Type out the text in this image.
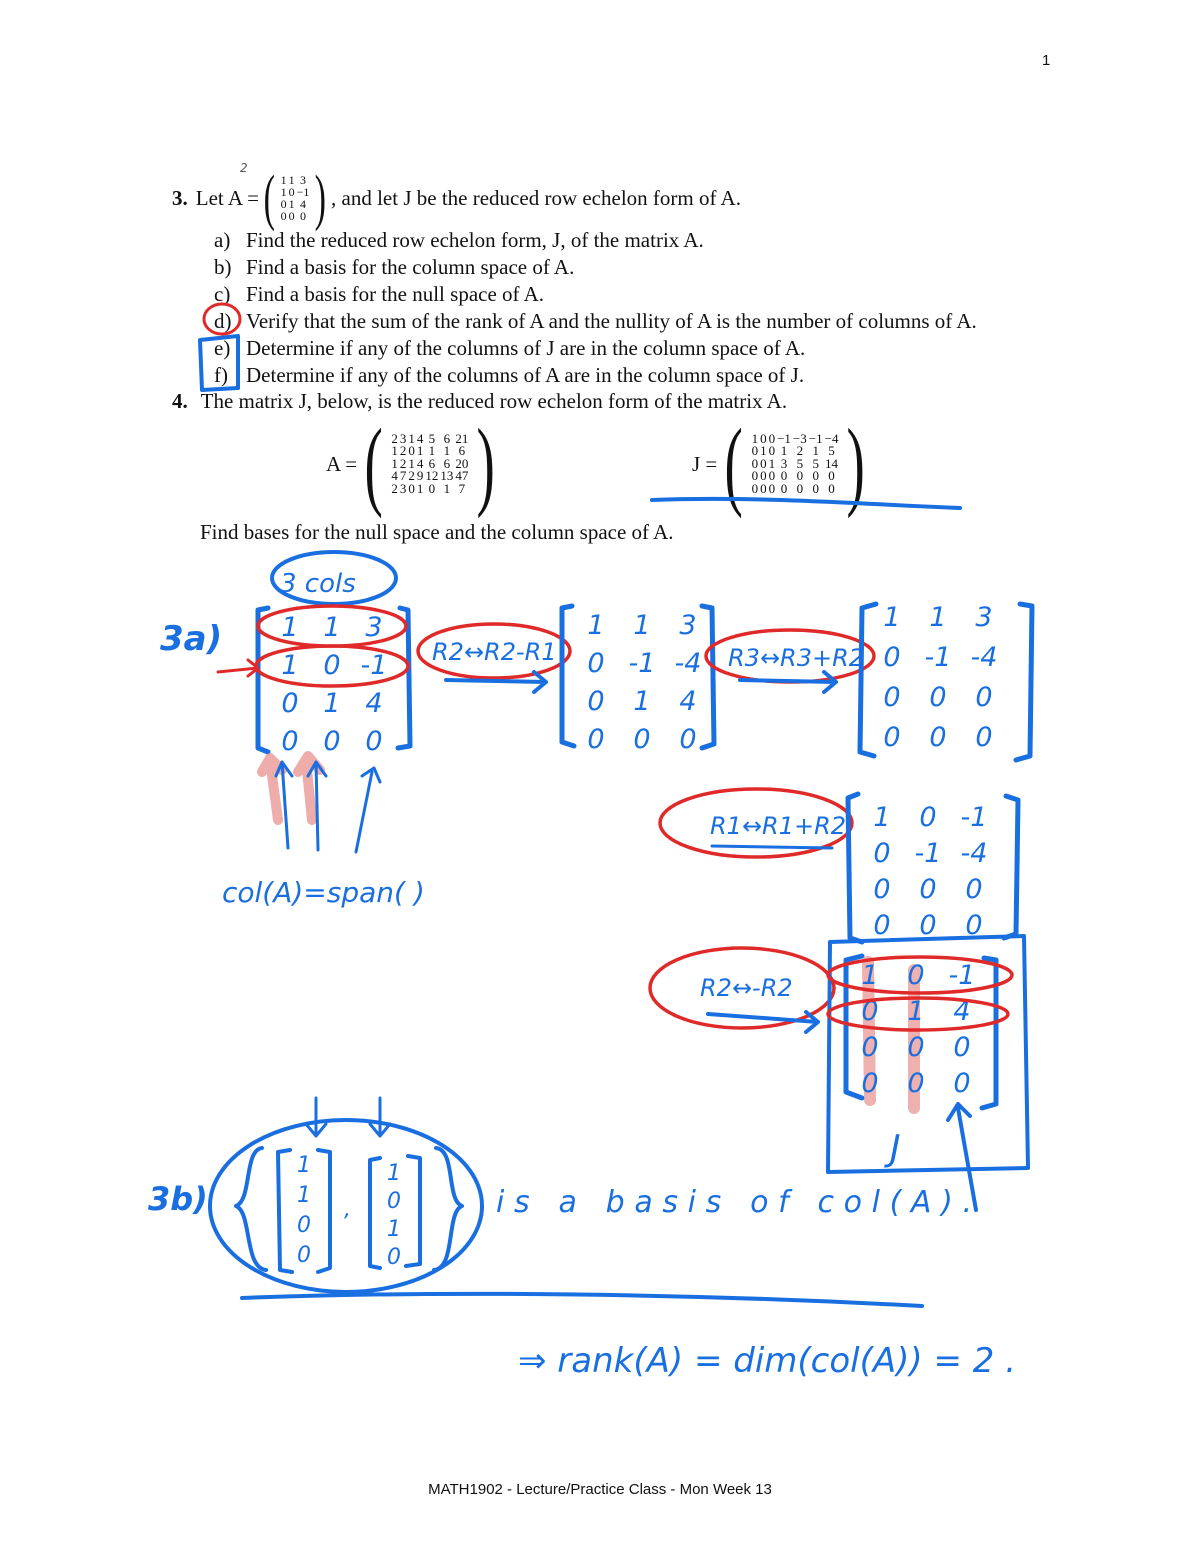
1
3. Let A = ( 1 1 3
1 0 −1
0 1 4
0 0 0 ) , and let J be the reduced row echelon form of A.
a) Find the reduced row echelon form, J, of the matrix A.
b) Find a basis for the column space of A.
c) Find a basis for the null space of A.
d) Verify that the sum of the rank of A and the nullity of A is the number of columns of A.
e) Determine if any of the columns of J are in the column space of A.
f) Determine if any of the columns of A are in the column space of J.
4. The matrix J, below, is the reduced row echelon form of the matrix A.
A = ( 2 3 1 4 5 6 21
1 2 0 1 1 1 6
1 2 1 4 6 6 20
4 7 2 9 12 13 47
2 3 0 1 0 1 7 )	J = ( 1 0 0 −1 −3 −1 −4
0 1 0 1 2 1 5
0 0 1 3 5 5 14
0 0 0 0 0 0 0
0 0 0 0 0 0 0 )
Find bases for the null space and the column space of A.
2
3 cols
3a) 1 1 3
1 0 -1
0 1 4
0 0 0
col(A)=span( )
R2↔R2-R1
1 1 3
0 -1 -4
0 1 4
0 0 0
R3↔R3+R2
1 1 3
0 -1 -4
0 0 0
0 0 0
R1↔R1+R2 1 0 -1
0 -1 -4
0 0 0
0 0 0
R2↔-R2	1 0 -1
0 1 4
0 0 0
0 0 0
J
3b)
1
1
0
0
1
0
1
0
,	is a basis of col(A).
⇒ rank(A) = dim(col(A)) = 2 .
MATH1902 - Lecture/Practice Class - Mon Week 13
